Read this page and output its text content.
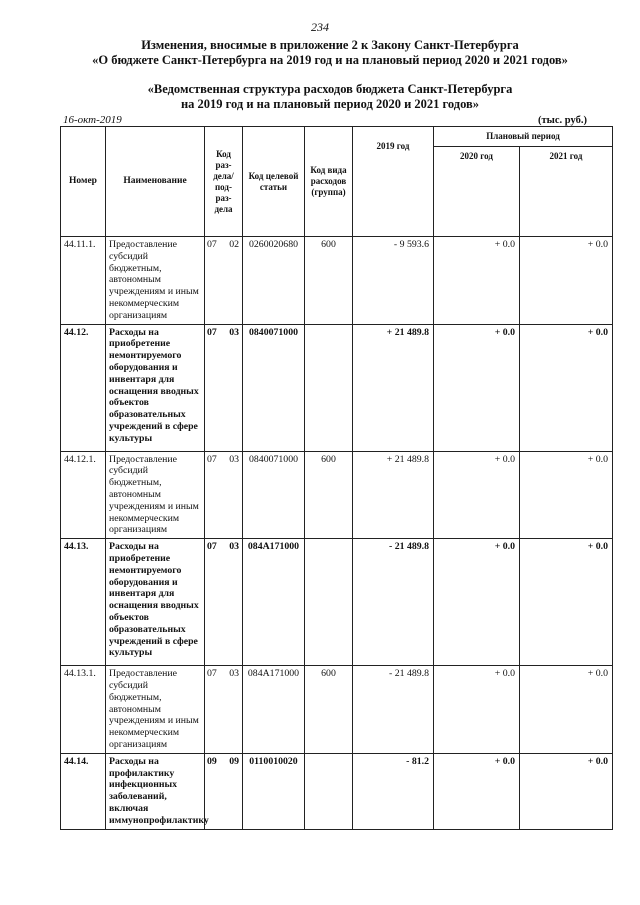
234
Изменения, вносимые в приложение 2 к Закону Санкт-Петербурга
«О бюджете Санкт-Петербурга на 2019 год и на плановый период 2020 и 2021 годов»
«Ведомственная структура расходов бюджета Санкт-Петербурга
на 2019 год и на плановый период 2020 и 2021 годов»
16-окт-2019	(тыс. руб.)
Номер	Наименование	Код раз-дела/ под-раз-дела	Код целевой статьи	Код вида расходов (группа)	2019 год	Плановый период	
						2020 год	2021 год
44.11.1.	Предоставление субсидий бюджетным, автономным учреждениям и иным некоммерческим организациям	07 02	0260020680	600	- 9 593.6	+ 0.0	+ 0.0
44.12.	Расходы на приобретение немонтируемого оборудования и инвентаря для оснащения вводных объектов образовательных учреждений в сфере культуры	07 03	0840071000		+ 21 489.8	+ 0.0	+ 0.0
44.12.1.	Предоставление субсидий бюджетным, автономным учреждениям и иным некоммерческим организациям	07 03	0840071000	600	+ 21 489.8	+ 0.0	+ 0.0
44.13.	Расходы на приобретение немонтируемого оборудования и инвентаря для оснащения вводных объектов образовательных учреждений в сфере культуры	07 03	084A171000		- 21 489.8	+ 0.0	+ 0.0
44.13.1.	Предоставление субсидий бюджетным, автономным учреждениям и иным некоммерческим организациям	07 03	084A171000	600	- 21 489.8	+ 0.0	+ 0.0
44.14.	Расходы на профилактику инфекционных заболеваний, включая иммунопрофилактику	09 09	0110010020		- 81.2	+ 0.0	+ 0.0
